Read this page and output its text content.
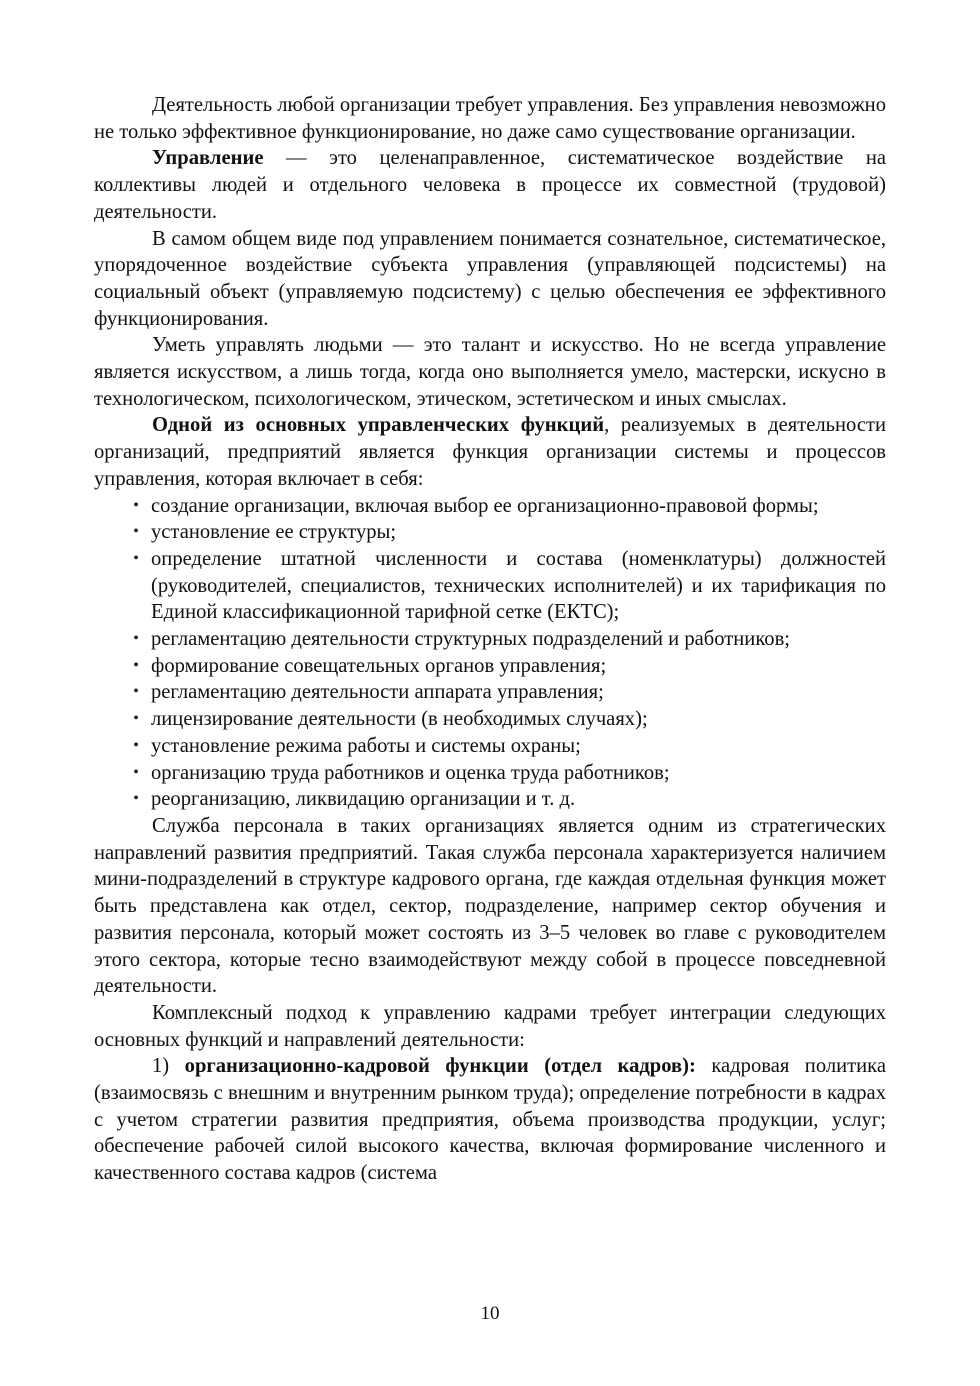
Деятельность любой организации требует управления. Без управления невозможно не только эффективное функционирование, но даже само существование организации.

Управление — это целенаправленное, систематическое воздействие на коллективы людей и отдельного человека в процессе их совместной (трудовой) деятельности.

В самом общем виде под управлением понимается сознательное, систематическое, упорядоченное воздействие субъекта управления (управляющей подсистемы) на социальный объект (управляемую подсистему) с целью обеспечения ее эффективного функционирования.

Уметь управлять людьми — это талант и искусство. Но не всегда управление является искусством, а лишь тогда, когда оно выполняется умело, мастерски, искусно в технологическом, психологическом, этическом, эстетическом и иных смыслах.

Одной из основных управленческих функций, реализуемых в деятельности организаций, предприятий является функция организации системы и процессов управления, которая включает в себя:

• создание организации, включая выбор ее организационно-правовой формы;
• установление ее структуры;
• определение штатной численности и состава (номенклатуры) должностей (руководителей, специалистов, технических исполнителей) и их тарификация по Единой классификационной тарифной сетке (ЕКТС);
• регламентацию деятельности структурных подразделений и работников;
• формирование совещательных органов управления;
• регламентацию деятельности аппарата управления;
• лицензирование деятельности (в необходимых случаях);
• установление режима работы и системы охраны;
• организацию труда работников и оценка труда работников;
• реорганизацию, ликвидацию организации и т. д.

Служба персонала в таких организациях является одним из стратегических направлений развития предприятий. Такая служба персонала характеризуется наличием мини-подразделений в структуре кадрового органа, где каждая отдельная функция может быть представлена как отдел, сектор, подразделение, например сектор обучения и развития персонала, который может состоять из 3–5 человек во главе с руководителем этого сектора, которые тесно взаимодействуют между собой в процессе повседневной деятельности.

Комплексный подход к управлению кадрами требует интеграции следующих основных функций и направлений деятельности:

1) организационно-кадровой функции (отдел кадров): кадровая политика (взаимосвязь с внешним и внутренним рынком труда); определение потребности в кадрах с учетом стратегии развития предприятия, объема производства продукции, услуг; обеспечение рабочей силой высокого качества, включая формирование численного и качественного состава кадров (система

10
